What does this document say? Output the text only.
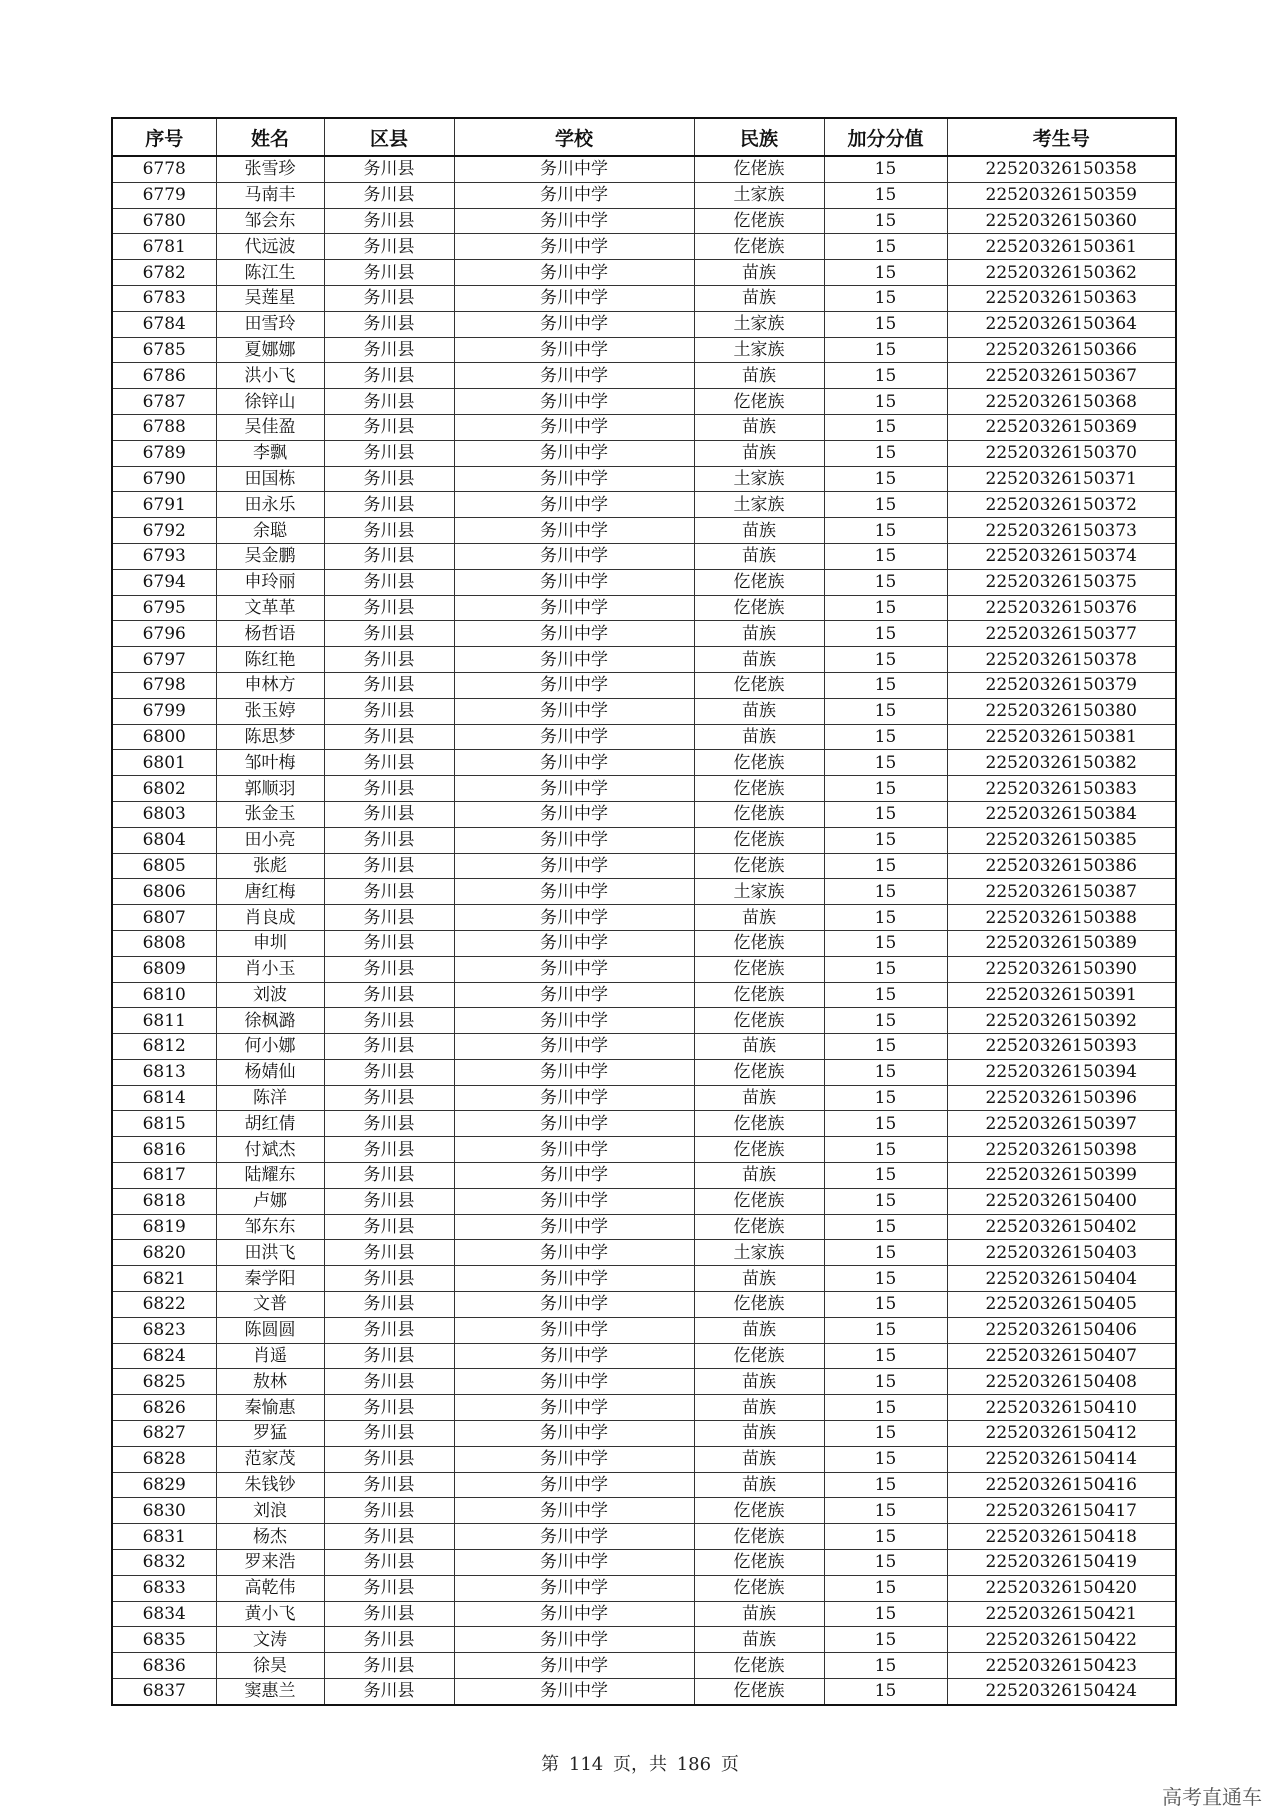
序号	姓名	区县	学校	民族	加分分值	考生号
6778	张雪珍	务川县	务川中学	仡佬族	15	22520326150358
6779	马南丰	务川县	务川中学	土家族	15	22520326150359
6780	邹会东	务川县	务川中学	仡佬族	15	22520326150360
6781	代远波	务川县	务川中学	仡佬族	15	22520326150361
6782	陈江生	务川县	务川中学	苗族	15	22520326150362
6783	吴莲星	务川县	务川中学	苗族	15	22520326150363
6784	田雪玲	务川县	务川中学	土家族	15	22520326150364
6785	夏娜娜	务川县	务川中学	土家族	15	22520326150366
6786	洪小飞	务川县	务川中学	苗族	15	22520326150367
6787	徐锌山	务川县	务川中学	仡佬族	15	22520326150368
6788	吴佳盈	务川县	务川中学	苗族	15	22520326150369
6789	李飘	务川县	务川中学	苗族	15	22520326150370
6790	田国栋	务川县	务川中学	土家族	15	22520326150371
6791	田永乐	务川县	务川中学	土家族	15	22520326150372
6792	余聪	务川县	务川中学	苗族	15	22520326150373
6793	吴金鹏	务川县	务川中学	苗族	15	22520326150374
6794	申玲丽	务川县	务川中学	仡佬族	15	22520326150375
6795	文革革	务川县	务川中学	仡佬族	15	22520326150376
6796	杨哲语	务川县	务川中学	苗族	15	22520326150377
6797	陈红艳	务川县	务川中学	苗族	15	22520326150378
6798	申林方	务川县	务川中学	仡佬族	15	22520326150379
6799	张玉婷	务川县	务川中学	苗族	15	22520326150380
6800	陈思梦	务川县	务川中学	苗族	15	22520326150381
6801	邹叶梅	务川县	务川中学	仡佬族	15	22520326150382
6802	郭顺羽	务川县	务川中学	仡佬族	15	22520326150383
6803	张金玉	务川县	务川中学	仡佬族	15	22520326150384
6804	田小亮	务川县	务川中学	仡佬族	15	22520326150385
6805	张彪	务川县	务川中学	仡佬族	15	22520326150386
6806	唐红梅	务川县	务川中学	土家族	15	22520326150387
6807	肖良成	务川县	务川中学	苗族	15	22520326150388
6808	申圳	务川县	务川中学	仡佬族	15	22520326150389
6809	肖小玉	务川县	务川中学	仡佬族	15	22520326150390
6810	刘波	务川县	务川中学	仡佬族	15	22520326150391
6811	徐枫潞	务川县	务川中学	仡佬族	15	22520326150392
6812	何小娜	务川县	务川中学	苗族	15	22520326150393
6813	杨婧仙	务川县	务川中学	仡佬族	15	22520326150394
6814	陈洋	务川县	务川中学	苗族	15	22520326150396
6815	胡红倩	务川县	务川中学	仡佬族	15	22520326150397
6816	付斌杰	务川县	务川中学	仡佬族	15	22520326150398
6817	陆耀东	务川县	务川中学	苗族	15	22520326150399
6818	卢娜	务川县	务川中学	仡佬族	15	22520326150400
6819	邹东东	务川县	务川中学	仡佬族	15	22520326150402
6820	田洪飞	务川县	务川中学	土家族	15	22520326150403
6821	秦学阳	务川县	务川中学	苗族	15	22520326150404
6822	文普	务川县	务川中学	仡佬族	15	22520326150405
6823	陈圆圆	务川县	务川中学	苗族	15	22520326150406
6824	肖遥	务川县	务川中学	仡佬族	15	22520326150407
6825	敖林	务川县	务川中学	苗族	15	22520326150408
6826	秦愉惠	务川县	务川中学	苗族	15	22520326150410
6827	罗猛	务川县	务川中学	苗族	15	22520326150412
6828	范家茂	务川县	务川中学	苗族	15	22520326150414
6829	朱钱钞	务川县	务川中学	苗族	15	22520326150416
6830	刘浪	务川县	务川中学	仡佬族	15	22520326150417
6831	杨杰	务川县	务川中学	仡佬族	15	22520326150418
6832	罗来浩	务川县	务川中学	仡佬族	15	22520326150419
6833	高乾伟	务川县	务川中学	仡佬族	15	22520326150420
6834	黄小飞	务川县	务川中学	苗族	15	22520326150421
6835	文涛	务川县	务川中学	苗族	15	22520326150422
6836	徐昊	务川县	务川中学	仡佬族	15	22520326150423
6837	窦惠兰	务川县	务川中学	仡佬族	15	22520326150424
第 114 页，共 186 页
高考直通车
